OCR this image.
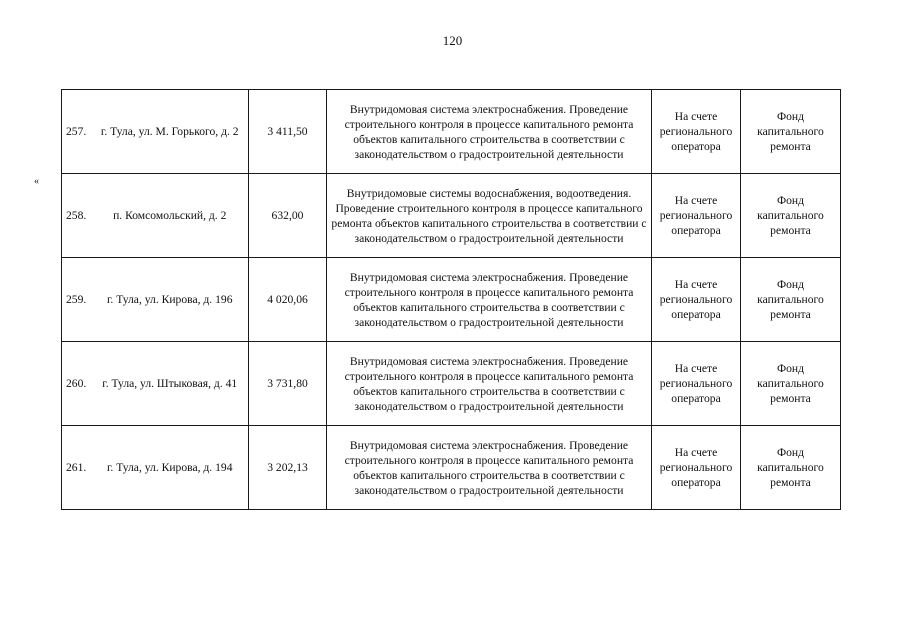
120
«
257.	г. Тула, ул. М. Горького, д. 2	3 411,50	Внутридомовая система электроснабжения. Проведение строительного контроля в процессе капитального ремонта объектов капитального строительства в соответствии с законодательством о градостроительной деятельности	На счете регионального оператора	Фонд капитального ремонта
258.	п. Комсомольский, д. 2	632,00	Внутридомовые системы водоснабжения, водоотведения. Проведение строительного контроля в процессе капитального ремонта объектов капитального строительства в соответствии с законодательством о градостроительной деятельности	На счете регионального оператора	Фонд капитального ремонта
259.	г. Тула, ул. Кирова, д. 196	4 020,06	Внутридомовая система электроснабжения. Проведение строительного контроля в процессе капитального ремонта объектов капитального строительства в соответствии с законодательством о градостроительной деятельности	На счете регионального оператора	Фонд капитального ремонта
260.	г. Тула, ул. Штыковая, д. 41	3 731,80	Внутридомовая система электроснабжения. Проведение строительного контроля в процессе капитального ремонта объектов капитального строительства в соответствии с законодательством о градостроительной деятельности	На счете регионального оператора	Фонд капитального ремонта
261.	г. Тула, ул. Кирова, д. 194	3 202,13	Внутридомовая система электроснабжения. Проведение строительного контроля в процессе капитального ремонта объектов капитального строительства в соответствии с законодательством о градостроительной деятельности	На счете регионального оператора	Фонд капитального ремонта
